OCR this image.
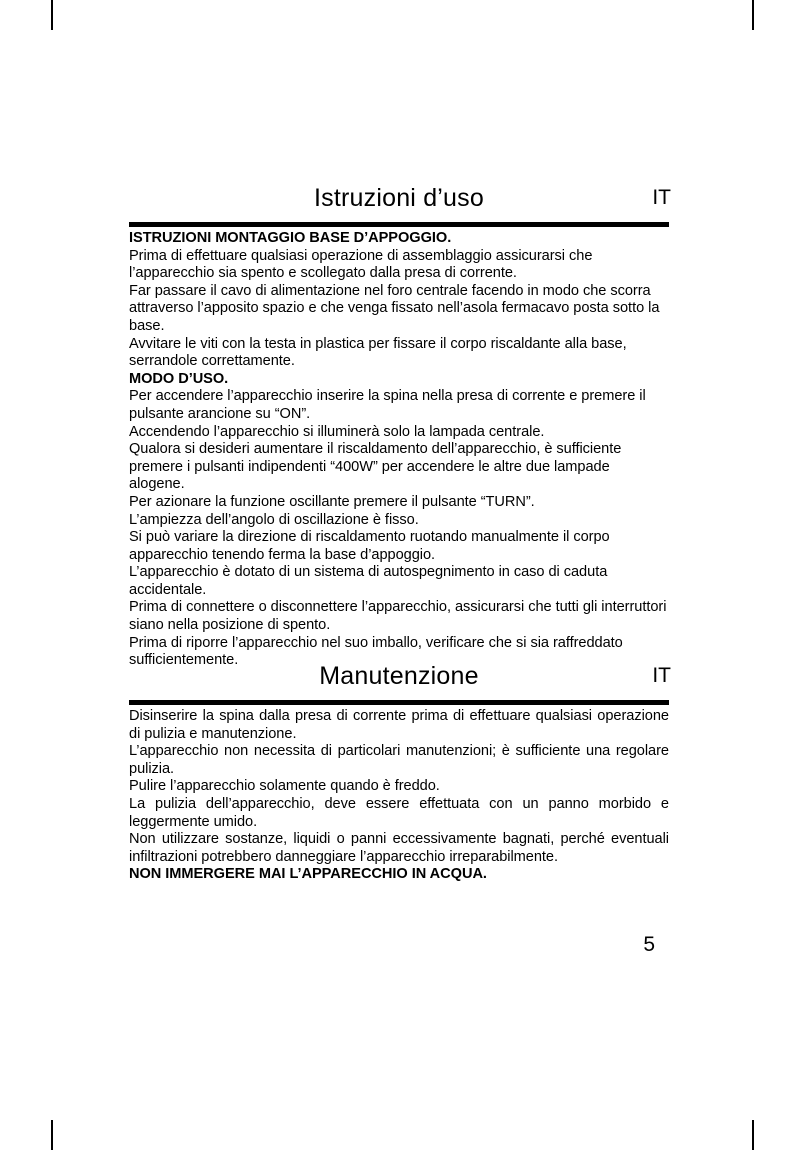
Istruzioni d’uso	IT

ISTRUZIONI MONTAGGIO BASE D’APPOGGIO.

Prima di effettuare qualsiasi operazione di assemblaggio assicurarsi che l’apparecchio sia spento e scollegato dalla presa di corrente.

Far passare il cavo di alimentazione nel foro centrale facendo in modo che scorra attraverso l’apposito spazio e che venga fissato nell’asola fermacavo posta sotto la base.

Avvitare le viti con la testa in plastica per fissare il corpo riscaldante alla base, serrandole correttamente.

MODO D’USO.

Per accendere l’apparecchio inserire la spina nella presa di corrente e premere il pulsante arancione su “ON”.

Accendendo l’apparecchio si illuminerà solo la lampada centrale.

Qualora si desideri aumentare il riscaldamento dell’apparecchio, è sufficiente premere i pulsanti indipendenti “400W” per accendere le altre due lampade alogene.

Per azionare la funzione oscillante premere il pulsante “TURN”.

L’ampiezza dell’angolo di oscillazione è fisso.

Si può variare la direzione di riscaldamento ruotando manualmente il corpo apparecchio tenendo ferma la base d’appoggio.

L’apparecchio è dotato di un sistema di autospegnimento in caso di caduta accidentale.

Prima di connettere o disconnettere l’apparecchio, assicurarsi che tutti gli interruttori siano nella posizione di spento.

Prima di riporre l’apparecchio nel suo imballo, verificare che si sia raffreddato sufficientemente.

Manutenzione	IT

Disinserire la spina dalla presa di corrente prima di effettuare qualsiasi operazione di pulizia e manutenzione.

L’apparecchio non necessita di particolari manutenzioni; è sufficiente una regolare pulizia.

Pulire l’apparecchio solamente quando è freddo.

La pulizia dell’apparecchio, deve essere effettuata con un panno morbido e leggermente umido.

Non utilizzare sostanze, liquidi o panni eccessivamente bagnati, perché eventuali infiltrazioni potrebbero danneggiare l’apparecchio irreparabilmente.

NON IMMERGERE MAI L’APPARECCHIO IN ACQUA.

5
